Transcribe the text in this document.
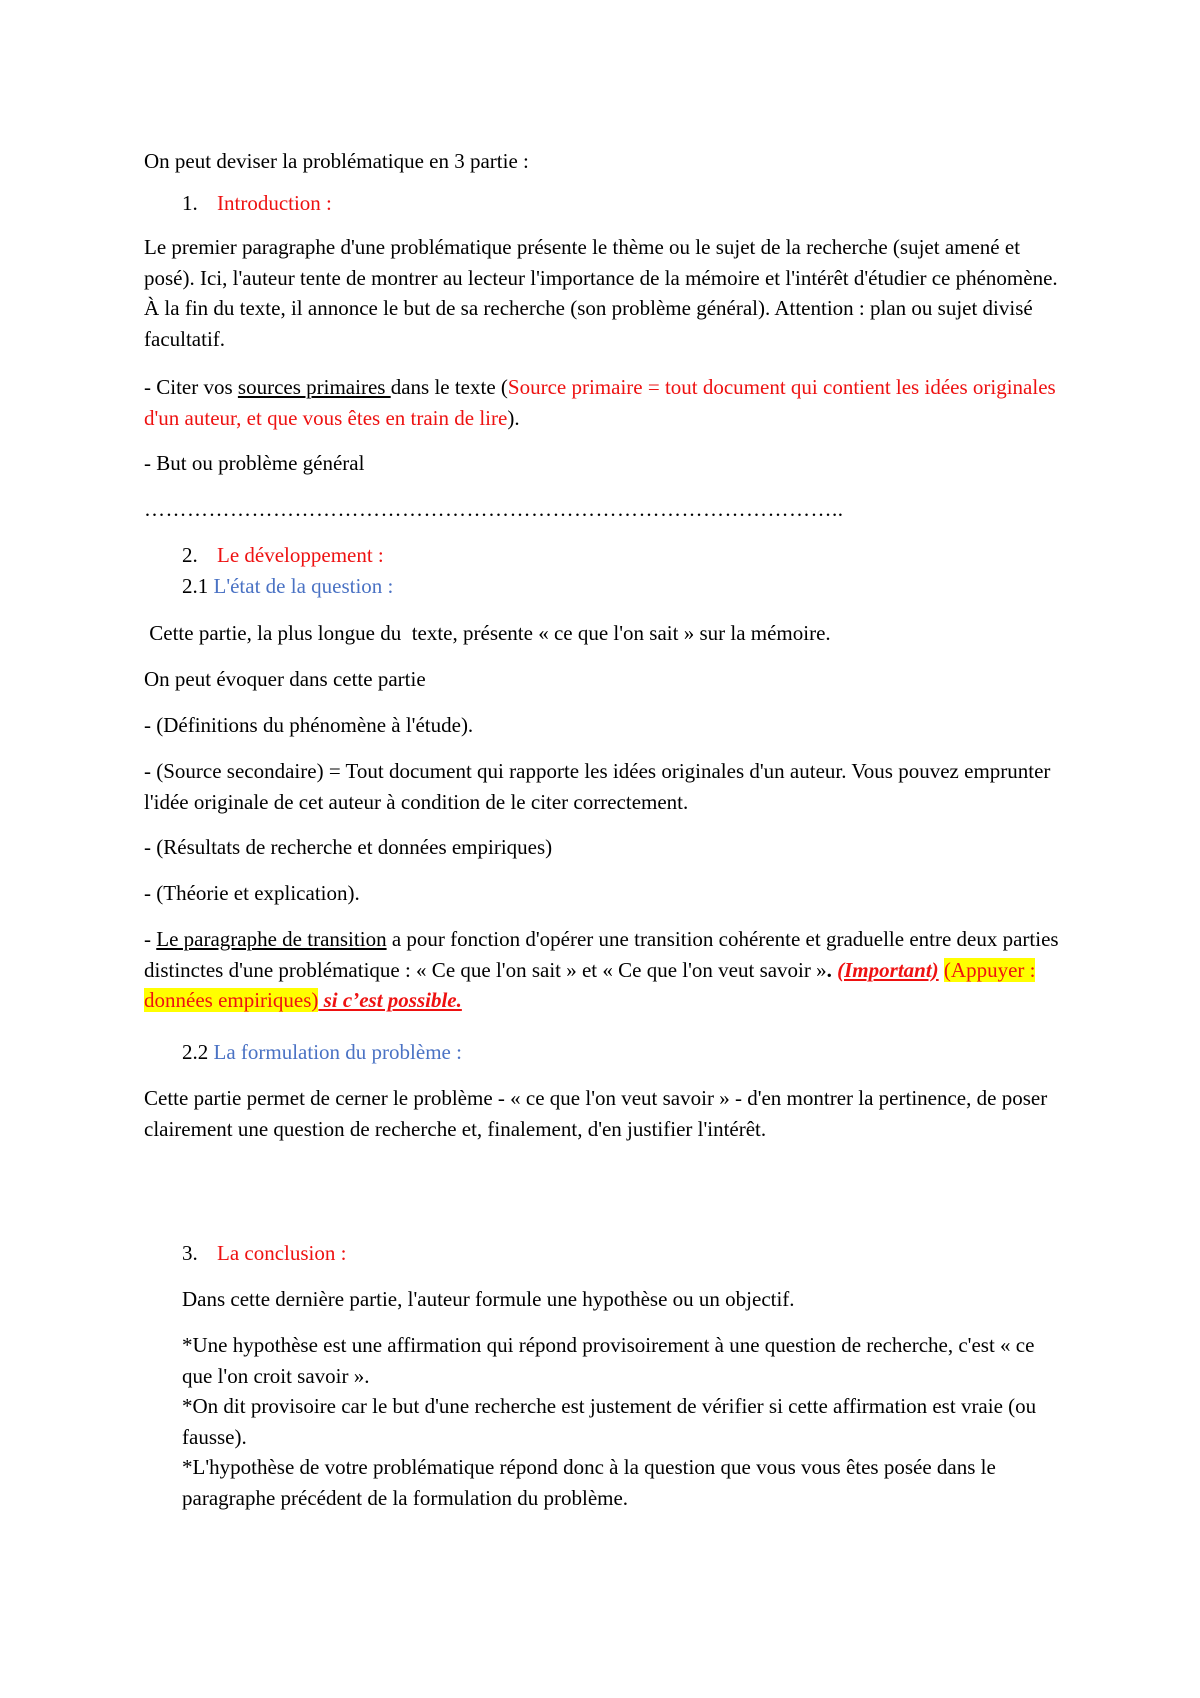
On peut deviser la problématique en 3 partie :

1. Introduction :

Le premier paragraphe d'une problématique présente le thème ou le sujet de la recherche (sujet amené et posé). Ici, l'auteur tente de montrer au lecteur l'importance de la mémoire et l'intérêt d'étudier ce phénomène. À la fin du texte, il annonce le but de sa recherche (son problème général). Attention : plan ou sujet divisé facultatif.

- Citer vos sources primaires dans le texte (Source primaire = tout document qui contient les idées originales d'un auteur, et que vous êtes en train de lire).

- But ou problème général

……………………………………………………………………………………..

2. Le développement :

2.1 L'état de la question :

Cette partie, la plus longue du  texte, présente « ce que l'on sait » sur la mémoire.

On peut évoquer dans cette partie

- (Définitions du phénomène à l'étude).

- (Source secondaire) = Tout document qui rapporte les idées originales d'un auteur. Vous pouvez emprunter l'idée originale de cet auteur à condition de le citer correctement.

- (Résultats de recherche et données empiriques)

- (Théorie et explication).

- Le paragraphe de transition a pour fonction d'opérer une transition cohérente et graduelle entre deux parties distinctes d'une problématique : « Ce que l'on sait » et « Ce que l'on veut savoir ». (Important) (Appuyer : données empiriques) si c’est possible.

2.2 La formulation du problème :

Cette partie permet de cerner le problème - « ce que l'on veut savoir » - d'en montrer la pertinence, de poser clairement une question de recherche et, finalement, d'en justifier l'intérêt.

3. La conclusion :

Dans cette dernière partie, l'auteur formule une hypothèse ou un objectif.

*Une hypothèse est une affirmation qui répond provisoirement à une question de recherche, c'est « ce que l'on croit savoir ».

*On dit provisoire car le but d'une recherche est justement de vérifier si cette affirmation est vraie (ou fausse).

*L'hypothèse de votre problématique répond donc à la question que vous vous êtes posée dans le paragraphe précédent de la formulation du problème.
